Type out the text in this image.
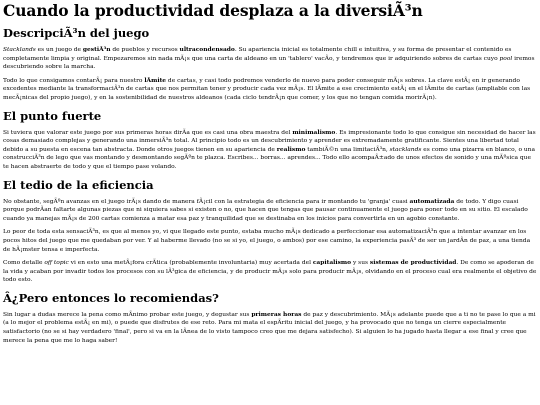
Cuando la productividad desplaza a la diversiÃ³n
DescripciÃ³n del juego

Stacklands es un juego de gestiÃ³n de pueblos y recursos ultracondensado. Su apariencia inicial es totalmente chill e intuitiva, y su forma de presentar el contenido es completamente limpia y original. Empezaremos sin nada mÃ¡s que una carta de aldeano en un 'tablero' vacÃo, y tendremos que ir adquiriendo sobres de cartas cuyo pool iremos descubriendo sobre la marcha.

Todo lo que consigamos contarÃ¡ para nuestro lÃmite de cartas, y casi todo podremos venderlo de nuevo para poder conseguir mÃ¡s sobres. La clave estÃ¡ en ir generando excedentes mediante la transformaciÃ³n de cartas que nos permitan tener y producir cada vez mÃ¡s. El lÃmite a ese crecimiento estÃ¡ en el lÃmite de cartas (ampliable con las mecÃ¡nicas del propio juego), y en la sostenibilidad de nuestros aldeanos (cada ciclo tendrÃ¡n que comer, y los que no tengan comida morirÃ¡n).

El punto fuerte

Si tuviera que valorar este juego por sus primeras horas dirÃa que es casi una obra maestra del minimalismo. Es impresionante todo lo que consigue sin necesidad de hacer las cosas demasiado complejas y generando una inmersiÃ³n total. Al principio todo es un descubrimiento y aprender es extremadamente gratificante. Sientes una libertad total debido a su puesta en escena tan abstracta. Donde otros juegos tienen en su apariencia de realismo tambiÃ©n una limitaciÃ³n, stacklands es como una pizarra en blanco, o una construcciÃ³n de lego que vas montando y desmontando segÃºn te plazca. Escribes... borras... aprendes... Todo ello acompaÃ±ado de unos efectos de sonido y una mÃºsica que te hacen abstraerte de todo y que el tiempo pase volando.

El tedio de la eficiencia

No obstante, segÃºn avanzas en el juego irÃ¡s dando de manera fÃ¡cil con la estrategia de eficiencia para ir montando tu 'granja' cuasi automatizada de todo. Y digo cuasi porque podrÃan faltarte algunas piezas que ni siquiera sabes si existen o no, que hacen que tengas que pausar continuamente el juego para poner todo en su sitio. El escalado cuando ya manejas mÃ¡s de 200 cartas comienza a matar esa paz y tranquilidad que se destinaba en los inicios para convertirla en un agobio constante.

Lo peor de toda esta sensaciÃ³n, es que al menos yo, vi que llegado este punto, estaba mucho mÃ¡s dedicado a perfeccionar esa automatizaciÃ³n que a intentar avanzar en los pocos hitos del juego que me quedaban por ver. Y al haberme llevado (no se si yo, el juego, o ambos) por ese camino, la experiencia pasÃ³ de ser un jardÃn de paz, a una tienda de hÃ¡mster tensa e imperfecta.

Como detalle off topic vi en esto una metÃ¡fora crÃtica (probablemente involuntaria) muy acertada del capitalismo y sus sistemas de productividad. De como se apoderan de la vida y acaban por invadir todos los procesos con su lÃ³gica de eficiencia, y de producir mÃ¡s solo para producir mÃ¡s, olvidando en el proceso cual era realmente el objetivo de todo esto.

Â¿Pero entonces lo recomiendas?

Sin lugar a dudas merece la pena como mÃnimo probar este juego, y degustar sus primeras horas de paz y descubrimiento. MÃ¡s adelante puede que a ti no te pase lo que a mi (a lo mejor el problema estÃ¡ en mi), o puede que disfrutes de ese reto. Para mi mata el espÃritu inicial del juego, y ha provocado que no tenga un cierre especialmente satisfactorio (no se si hay verdadero 'final', pero si va en la lÃnea de lo visto tampoco creo que me dejara satisfecho). Si alguien lo ha jugado hasta llegar a ese final y cree que merece la pena que me lo haga saber!
